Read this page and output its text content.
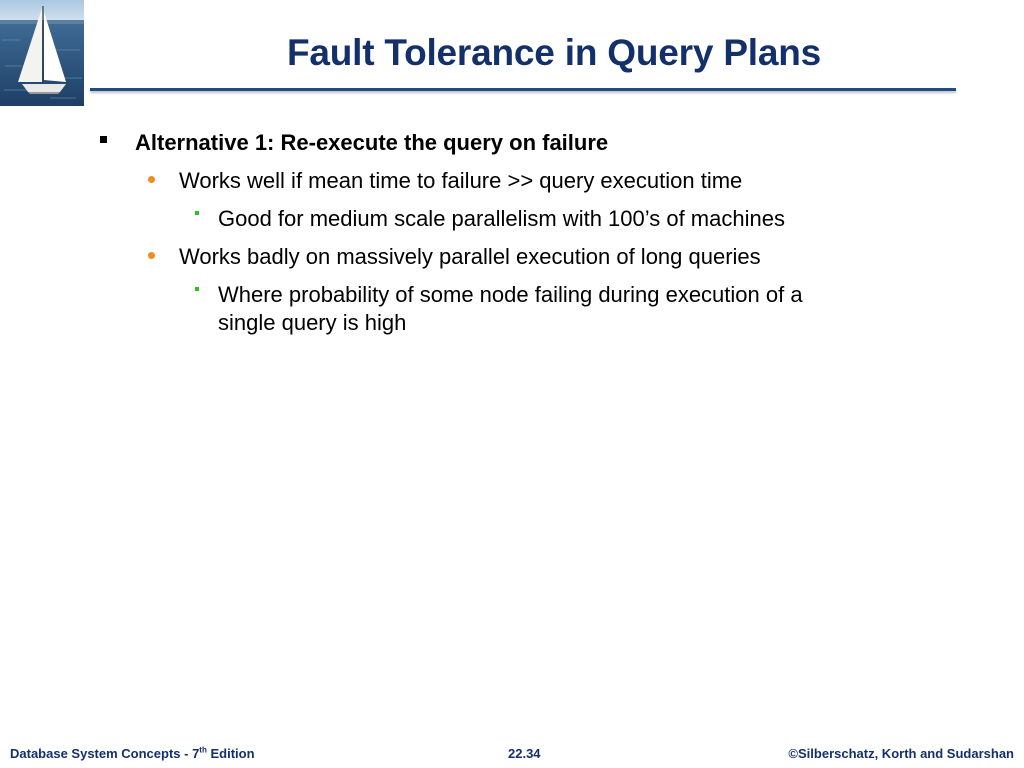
Fault Tolerance in Query Plans
Alternative 1: Re-execute the query on failure
Works well if mean time to failure >> query execution time
Good for medium scale parallelism with 100’s of machines
Works badly on massively parallel execution of long queries
Where probability of some node failing during execution of a
single query is high
Database System Concepts - 7th Edition	22.34	©Silberschatz, Korth and Sudarshan
